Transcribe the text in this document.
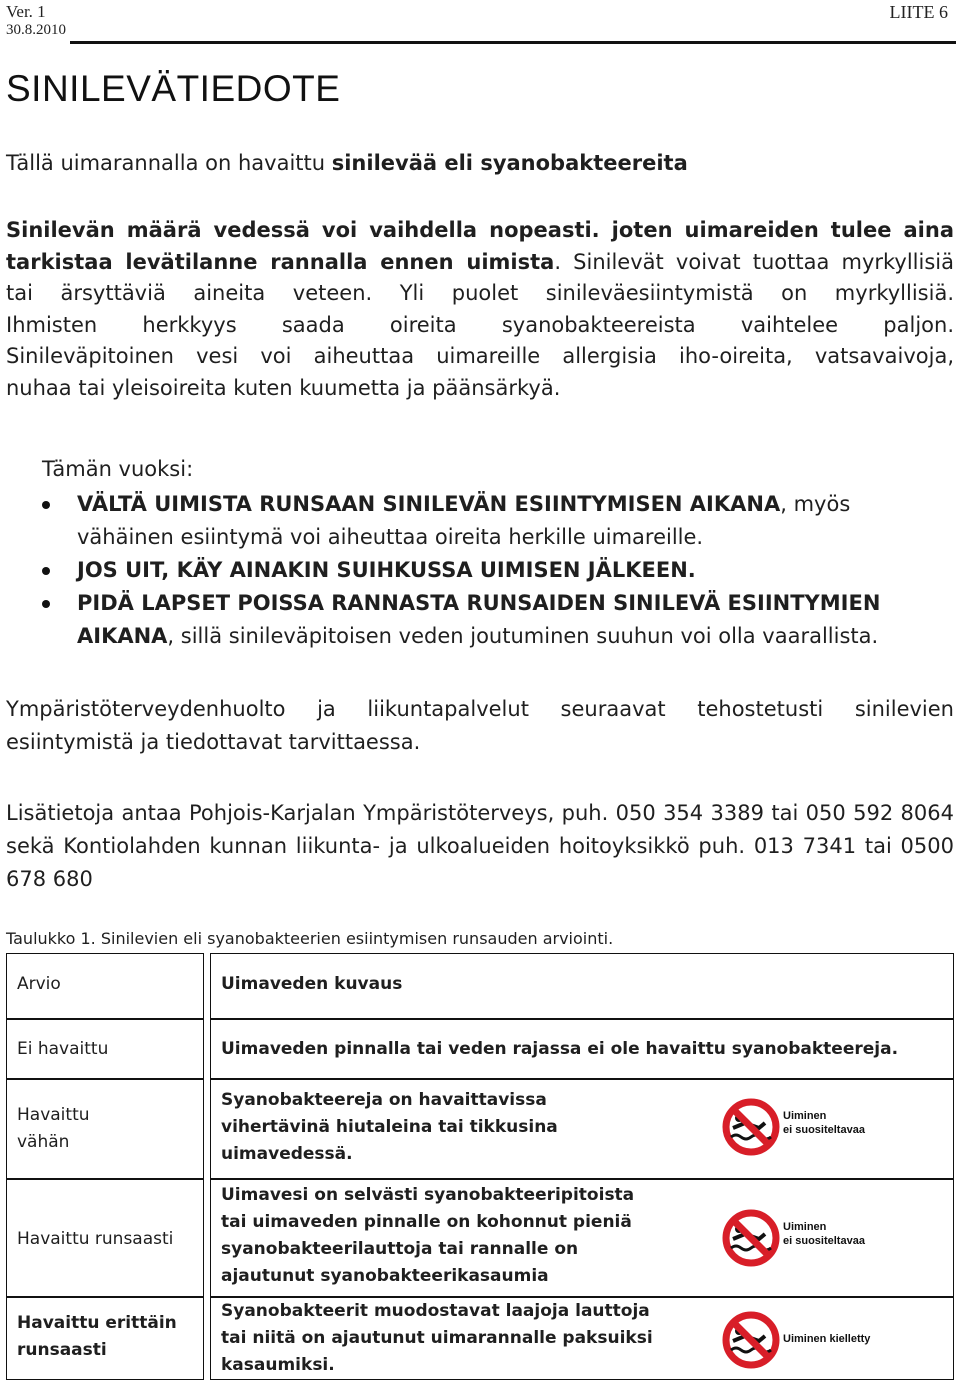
Ver. 1
30.8.2010
LIITE 6
SINILEVÄTIEDOTE
Tällä uimarannalla on havaittu sinilevää eli syanobakteereita
Sinilevän määrä vedessä voi vaihdella nopeasti. joten uimareiden tulee aina
tarkistaa levätilanne rannalla ennen uimista. Sinilevät voivat tuottaa myrkyllisiä
tai ärsyttäviä aineita veteen. Yli puolet sinileväesiintymistä on myrkyllisiä.
Ihmisten herkkyys saada oireita syanobakteereista vaihtelee paljon.
Sinileväpitoinen vesi voi aiheuttaa uimareille allergisia iho-oireita, vatsavaivoja,
nuhaa tai yleisoireita kuten kuumetta ja päänsärkyä.
Tämän vuoksi:
VÄLTÄ UIMISTA RUNSAAN SINILEVÄN ESIINTYMISEN AIKANA, myös vähäinen esiintymä voi aiheuttaa oireita herkille uimareille.
JOS UIT, KÄY AINAKIN SUIHKUSSA UIMISEN JÄLKEEN.
PIDÄ LAPSET POISSA RANNASTA RUNSAIDEN SINILEVÄ ESIINTYMIEN AIKANA, sillä sinileväpitoisen veden joutuminen suuhun voi olla vaarallista.
Ympäristöterveydenhuolto ja liikuntapalvelut seuraavat tehostetusti sinilevien esiintymistä ja tiedottavat tarvittaessa.
Lisätietoja antaa Pohjois-Karjalan Ympäristöterveys, puh. 050 354 3389 tai 050 592 8064 sekä Kontiolahden kunnan liikunta- ja ulkoalueiden hoitoyksikkö puh. 013 7341 tai 0500 678 680
Taulukko 1. Sinilevien eli syanobakteerien esiintymisen runsauden arviointi.
Arvio	Uimaveden kuvaus
Ei havaittu	Uimaveden pinnalla tai veden rajassa ei ole havaittu syanobakteereja.
Havaittu vähän
Syanobakteereja on havaittavissa vihertävinä hiutaleina tai tikkusina uimavedessä.
Uiminen ei suositeltavaa
Havaittu runsaasti
Uimavesi on selvästi syanobakteeripitoista tai uimaveden pinnalle on kohonnut pieniä syanobakteerilauttoja tai rannalle on ajautunut syanobakteerikasaumia
Uiminen ei suositeltavaa
Havaittu erittäin runsaasti
Syanobakteerit muodostavat laajoja lauttoja tai niitä on ajautunut uimarannalle paksuiksi kasaumiksi.
Uiminen kielletty
